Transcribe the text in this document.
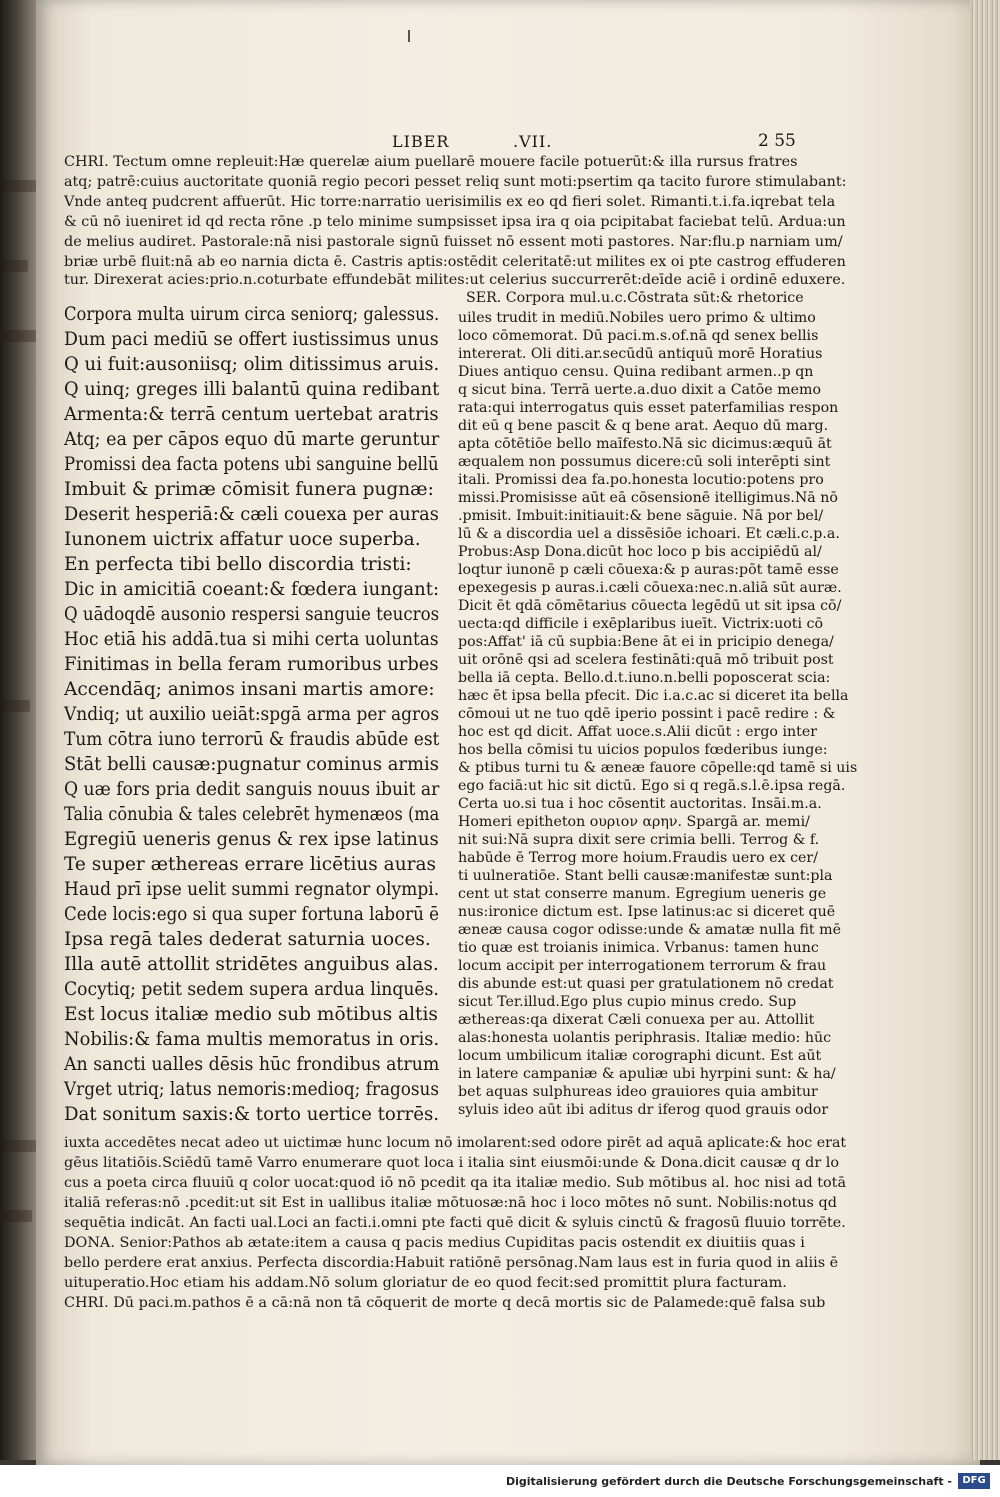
LIBER	.VII.	2 55
CHRI. Tectum omne repleuit:Hæ querelæ aium puellarē mouere facile potuerūt:& illa rursus fratres
atq; patrē:cuius auctoritate quoniā regio pecori pesset reliq sunt moti:psertim qa tacito furore stimulabant:
Vnde anteq pudcrent affuerūt. Hic torre:narratio uerisimilis ex eo qd fieri solet. Rimanti.t.i.fa.iqrebat tela
& cū nō iueniret id qd recta rōne .p telo minime sumpsisset ipsa ira q oia pcipitabat faciebat telū. Ardua:un
de melius audiret. Pastorale:nā nisi pastorale signū fuisset nō essent moti pastores. Nar:flu.p narniam um/
briæ urbē fluit:nā ab eo narnia dicta ē. Castris aptis:ostēdit celeritatē:ut milites ex oi pte castrog effuderen
tur. Direxerat acies:prio.n.coturbate effundebāt milites:ut celerius succurrerēt:deīde aciē i ordinē eduxere.
SER. Corpora mul.u.c.Cōstrata sūt:& rhetorice
Corpora multa uirum circa seniorq; galessus.
Dum paci mediū se offert iustissimus unus
Q ui fuit:ausoniisq; olim ditissimus aruis.
Q uinq; greges illi balantū quina redibant
Armenta:& terrā centum uertebat aratris
Atq; ea per cāpos equo dū marte geruntur
Promissi dea facta potens ubi sanguine bellū
Imbuit & primæ cōmisit funera pugnæ:
Deserit hesperiā:& cæli couexa per auras
Iunonem uictrix affatur uoce superba.
En perfecta tibi bello discordia tristi:
Dic in amicitiā coeant:& fœdera iungant:
Q uādoqdē ausonio respersi sanguie teucros
Hoc etiā his addā.tua si mihi certa uoluntas
Finitimas in bella feram rumoribus urbes
Accendāq; animos insani martis amore:
Vndiq; ut auxilio ueiāt:spgā arma per agros
Tum cōtra iuno terrorū & fraudis abūde est
Stāt belli causæ:pugnatur cominus armis
Q uæ fors pria dedit sanguis nouus ibuit ar
Talia cōnubia & tales celebrēt hymenæos (ma
Egregiū ueneris genus & rex ipse latinus
Te super æthereas errare licētius auras
Haud prī ipse uelit summi regnator olympi.
Cede locis:ego si qua super fortuna laborū ē
Ipsa regā tales dederat saturnia uoces.
Illa autē attollit stridētes anguibus alas.
Cocytiq; petit sedem supera ardua linquēs.
Est locus italiæ medio sub mōtibus altis
Nobilis:& fama multis memoratus in oris.
An sancti ualles dēsis hūc frondibus atrum
Vrget utriq; latus nemoris:medioq; fragosus
Dat sonitum saxis:& torto uertice torrēs.
uiles trudit in mediū.Nobiles uero primo & ultimo
loco cōmemorat. Dū paci.m.s.of.nā qd senex bellis
intererat. Oli diti.ar.secūdū antiquū morē Horatius
Diues antiquo censu. Quina redibant armen..p qn
q sicut bina. Terrā uerte.a.duo dixit a Catōe memo
rata:qui interrogatus quis esset paterfamilias respon
dit eū q bene pascit & q bene arat. Aequo dū marg.
apta cōtētiōe bello maīfesto.Nā sic dicimus:æquū āt
æqualem non possumus dicere:cū soli interēpti sint
itali. Promissi dea fa.po.honesta locutio:potens pro
missi.Promisisse aūt eā cōsensionē itelligimus.Nā nō
.pmisit. Imbuit:initiauit:& bene sāguie. Nā por bel/
lū & a discordia uel a dissēsiōe ichoari. Et cæli.c.p.a.
Probus:Asp Dona.dicūt hoc loco p bis accipiēdū al/
loqtur iunonē p cæli cōuexa:& p auras:pōt tamē esse
epexegesis p auras.i.cæli cōuexa:nec.n.aliā sūt auræ.
Dicit ēt qdā cōmētarius cōuecta legēdū ut sit ipsa cō/
uecta:qd difficile i exēplaribus iueīt. Victrix:uoti cō
pos:Affat' iā cū supbia:Bene āt ei in pricipio denega/
uit orōnē qsi ad scelera festināti:quā mō tribuit post
bella iā cepta. Bello.d.t.iuno.n.belli poposcerat scia:
hæc ēt ipsa bella pfecit. Dic i.a.c.ac si diceret ita bella
cōmoui ut ne tuo qdē iperio possint i pacē redire : &
hoc est qd dicit. Affat uoce.s.Alii dicūt : ergo inter
hos bella cōmisi tu uicios populos fœderibus iunge:
& ptibus turni tu & æneæ fauore cōpelle:qd tamē si uis
ego faciā:ut hic sit dictū. Ego si q regā.s.l.ē.ipsa regā.
Certa uo.si tua i hoc cōsentit auctoritas. Insāi.m.a.
Homeri epitheton ουριον αρην. Spargā ar. memi/
nit sui:Nā supra dixit sere crimia belli. Terrog & f.
habūde ē Terrog more hoium.Fraudis uero ex cer/
ti uulneratiōe. Stant belli causæ:manifestæ sunt:pla
cent ut stat conserre manum. Egregium ueneris ge
nus:ironice dictum est. Ipse latinus:ac si diceret quē
æneæ causa cogor odisse:unde & amatæ nulla fit mē
tio quæ est troianis inimica. Vrbanus: tamen hunc
locum accipit per interrogationem terrorum & frau
dis abunde est:ut quasi per gratulationem nō credat
sicut Ter.illud.Ego plus cupio minus credo. Sup
æthereas:qa dixerat Cæli conuexa per au. Attollit
alas:honesta uolantis periphrasis. Italiæ medio: hūc
locum umbilicum italiæ corographi dicunt. Est aūt
in latere campaniæ & apuliæ ubi hyrpini sunt: & ha/
bet aquas sulphureas ideo grauiores quia ambitur
syluis ideo aūt ibi aditus dr iferog quod grauis odor
iuxta accedētes necat adeo ut uictimæ hunc locum nō imolarent:sed odore pirēt ad aquā aplicate:& hoc erat
gēus litatiōis.Sciēdū tamē Varro enumerare quot loca i italia sint eiusmōi:unde & Dona.dicit causæ q dr lo
cus a poeta circa fluuiū q color uocat:quod iō nō pcedit qa ita italiæ medio. Sub mōtibus al. hoc nisi ad totā
italiā referas:nō .pcedit:ut sit Est in uallibus italiæ mōtuosæ:nā hoc i loco mōtes nō sunt. Nobilis:notus qd
sequētia indicāt. An facti ual.Loci an facti.i.omni pte facti quē dicit & syluis cinctū & fragosū fluuio torrēte.
DONA. Senior:Pathos ab ætate:item a causa q pacis medius Cupiditas pacis ostendit ex diuitiis quas i
bello perdere erat anxius. Perfecta discordia:Habuit ratiōnē persōnag.Nam laus est in furia quod in aliis ē
uituperatio.Hoc etiam his addam.Nō solum gloriatur de eo quod fecit:sed promittit plura facturam.
CHRI. Dū paci.m.pathos ē a cā:nā non tā cōquerit de morte q decā mortis sic de Palamede:quē falsa sub
Digitalisierung gefördert durch die Deutsche Forschungsgemeinschaft -	DFG
